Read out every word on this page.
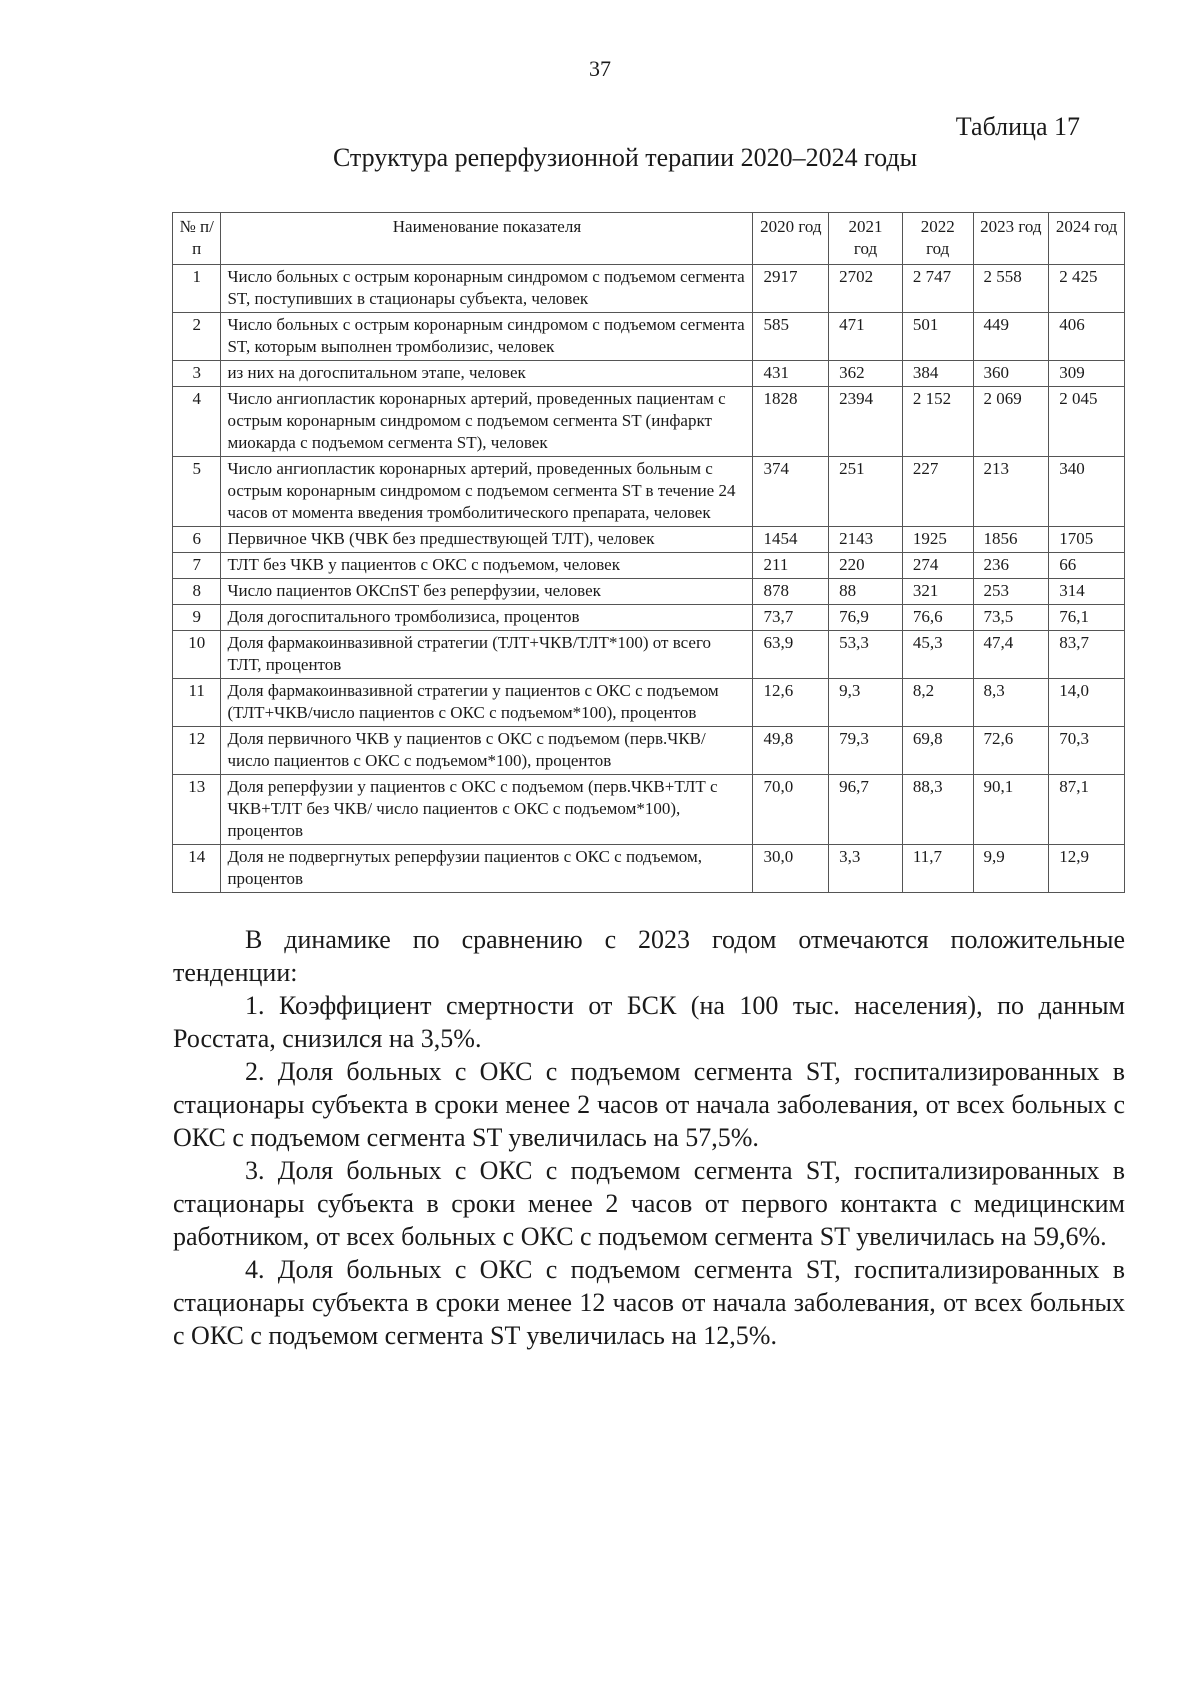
37
Таблица 17
Структура реперфузионной терапии 2020–2024 годы
№ п/п	Наименование показателя	2020 год	2021 год	2022 год	2023 год	2024 год
1	Число больных с острым коронарным синдромом с подъемом сегмента ST, поступивших в стационары субъекта, человек	2917	2702	2 747	2 558	2 425
2	Число больных с острым коронарным синдромом с подъемом сегмента ST, которым выполнен тромболизис, человек	585	471	501	449	406
3	из них на догоспитальном этапе, человек	431	362	384	360	309
4	Число ангиопластик коронарных артерий, проведенных пациентам с острым коронарным синдромом с подъемом сегмента ST (инфаркт миокарда с подъемом сегмента ST), человек	1828	2394	2 152	2 069	2 045
5	Число ангиопластик коронарных артерий, проведенных больным с острым коронарным синдромом с подъемом сегмента ST в течение 24 часов от момента введения тромболитического препарата, человек	374	251	227	213	340
6	Первичное ЧКВ (ЧВК без предшествующей ТЛТ), человек	1454	2143	1925	1856	1705
7	ТЛТ без ЧКВ у пациентов с ОКС с подъемом, человек	211	220	274	236	66
8	Число пациентов ОКСпST без реперфузии, человек	878	88	321	253	314
9	Доля догоспитального тромболизиса, процентов	73,7	76,9	76,6	73,5	76,1
10	Доля фармакоинвазивной стратегии (ТЛТ+ЧКВ/ТЛТ*100) от всего ТЛТ, процентов	63,9	53,3	45,3	47,4	83,7
11	Доля фармакоинвазивной стратегии у пациентов с ОКС с подъемом (ТЛТ+ЧКВ/число пациентов с ОКС с подъемом*100), процентов	12,6	9,3	8,2	8,3	14,0
12	Доля первичного ЧКВ у пациентов с ОКС с подъемом (перв.ЧКВ/число пациентов с ОКС с подъемом*100), процентов	49,8	79,3	69,8	72,6	70,3
13	Доля реперфузии у пациентов с ОКС с подъемом (перв.ЧКВ+ТЛТ с ЧКВ+ТЛТ без ЧКВ/ число пациентов с ОКС с подъемом*100), процентов	70,0	96,7	88,3	90,1	87,1
14	Доля не подвергнутых реперфузии пациентов с ОКС с подъемом, процентов	30,0	3,3	11,7	9,9	12,9

В динамике по сравнению с 2023 годом отмечаются положительные тенденции:

1. Коэффициент смертности от БСК (на 100 тыс. населения), по данным Росстата, снизился на 3,5%.

2. Доля больных с ОКС с подъемом сегмента ST, госпитализированных в стационары субъекта в сроки менее 2 часов от начала заболевания, от всех больных с ОКС с подъемом сегмента ST увеличилась на 57,5%.

3. Доля больных с ОКС с подъемом сегмента ST, госпитализированных в стационары субъекта в сроки менее 2 часов от первого контакта с медицинским работником, от всех больных с ОКС с подъемом сегмента ST увеличилась на 59,6%.

4. Доля больных с ОКС с подъемом сегмента ST, госпитализированных в стационары субъекта в сроки менее 12 часов от начала заболевания, от всех больных с ОКС с подъемом сегмента ST увеличилась на 12,5%.
